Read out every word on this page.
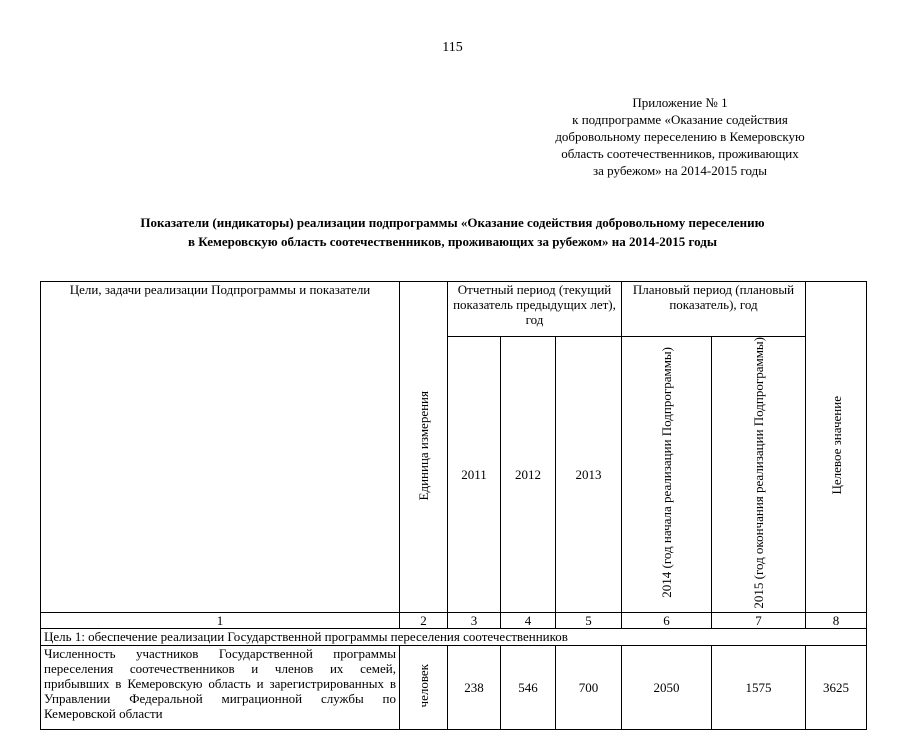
115
Приложение № 1
к подпрограмме «Оказание содействия
добровольному переселению в Кемеровскую
область соотечественников, проживающих
за рубежом» на 2014-2015 годы
Показатели (индикаторы) реализации подпрограммы «Оказание содействия добровольному переселению
в Кемеровскую область соотечественников, проживающих за рубежом» на 2014-2015 годы
Цели, задачи реализации Подпрограммы и показатели	Единица измерения	Отчетный период (текущий показатель предыдущих лет), год			Плановый период (плановый показатель), год		Целевое значение
		2011	2012	2013	2014 (год начала реализации Подпрограммы)	2015 (год окончания реализации Подпрограммы)	
1	2	3	4	5	6	7	8
Цель 1: обеспечение реализации Государственной программы переселения соотечественников							
Численность участников Государственной программы переселения соотечественников и членов их семей, прибывших в Кемеровскую область и зарегистрированных в Управлении Федеральной миграционной службы по Кемеровской области	человек	238	546	700	2050	1575	3625
